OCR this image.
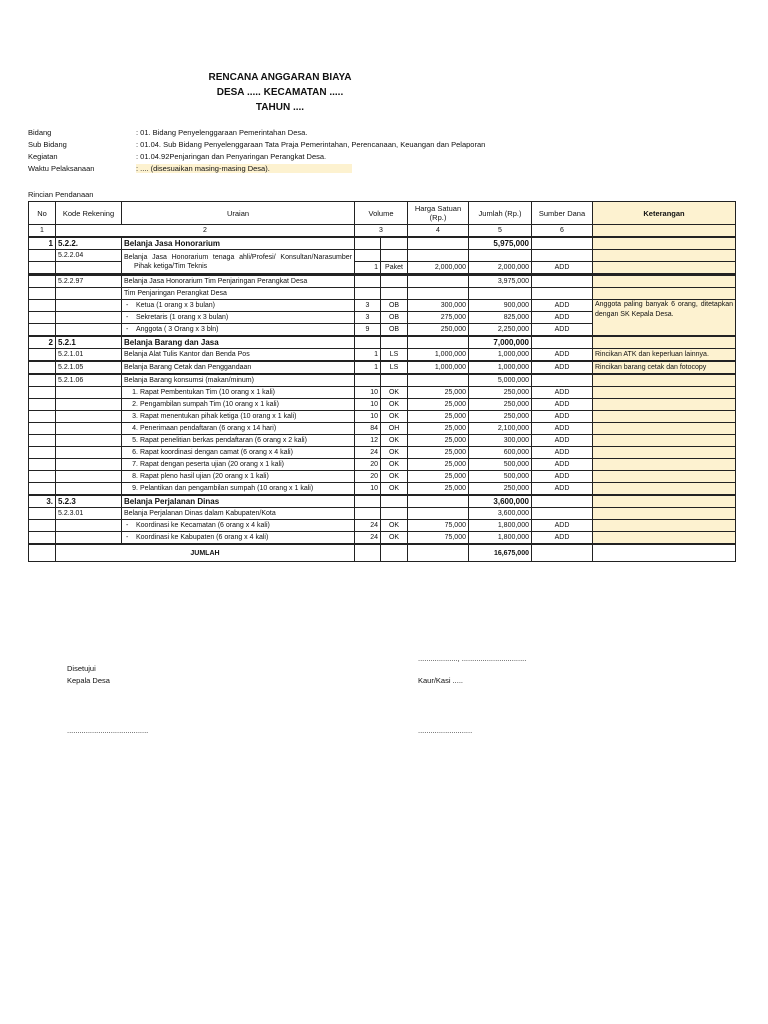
RENCANA ANGGARAN BIAYA
DESA ..... KECAMATAN .....
TAHUN ....
Bidang	: 01. Bidang Penyelenggaraan Pemerintahan Desa.
Sub Bidang	: 01.04. Sub Bidang Penyelenggaraan Tata Praja Pemerintahan, Perencanaan, Keuangan dan Pelaporan
Kegiatan	: 01.04.92Penjaringan dan Penyaringan Perangkat Desa.
Waktu Pelaksanaan	: .... (disesuaikan masing-masing Desa).
Rincian Pendanaan
No	Kode Rekening	Uraian	Volume		Harga Satuan (Rp.)	Jumlah (Rp.)	Sumber Dana	Keterangan
1	2		3		4	5	6	

1	5.2.2.	Belanja Jasa Honorarium				5,975,000		
	5.2.2.04	Belanja Jasa Honorarium tenaga ahli/Profesi/ Konsultan/Narasumber
Pihak ketiga/Tim Teknis						

			1	Paket	2,000,000	2,000,000	ADD	

	5.2.2.97	Belanja Jasa Honorarium Tim Penjaringan Perangkat Desa				3,975,000		
		Tim Penjaringan Perangkat Desa						
		- Ketua (1 orang x 3 bulan)	3	OB	300,000	900,000	ADD	Anggota paling banyak 6 orang, ditetapkan dengan SK Kepala Desa.
		- Sekretaris (1 orang x 3 bulan)	3	OB	275,000	825,000	ADD	
		- Anggota ( 3 Orang x 3 bln)	9	OB	250,000	2,250,000	ADD	

2	5.2.1	Belanja Barang dan Jasa				7,000,000		
	5.2.1.01	Belanja Alat Tulis Kantor dan Benda Pos	1	LS	1,000,000	1,000,000	ADD	Rincikan ATK dan keperluan lainnya.

	5.2.1.05	Belanja Barang Cetak dan Penggandaan	1	LS	1,000,000	1,000,000	ADD	Rincikan barang cetak dan fotocopy

	5.2.1.06	Belanja Barang konsumsi (makan/minum)				5,000,000		
		1. Rapat Pembentukan Tim (10 orang x 1 kali)	10	OK	25,000	250,000	ADD	
		2. Pengambilan sumpah Tim (10 orang x 1 kali)	10	OK	25,000	250,000	ADD	
		3. Rapat menentukan pihak ketiga (10 orang x 1 kali)	10	OK	25,000	250,000	ADD	
		4. Penerimaan pendaftaran (6 orang x 14 hari)	84	OH	25,000	2,100,000	ADD	
		5. Rapat penelitian berkas pendaftaran (6 orang x 2 kali)	12	OK	25,000	300,000	ADD	
		6. Rapat koordinasi dengan camat (6 orang x 4 kali)	24	OK	25,000	600,000	ADD	
		7. Rapat dengan peserta ujian (20 orang x 1 kali)	20	OK	25,000	500,000	ADD	
		8. Rapat pleno hasil ujian (20 orang x 1 kali)	20	OK	25,000	500,000	ADD	
		9. Pelantikan dan pengambilan sumpah (10 orang x 1 kali)	10	OK	25,000	250,000	ADD	

3.	5.2.3	Belanja Perjalanan Dinas				3,600,000		
	5.2.3.01	Belanja Perjalanan Dinas dalam Kabupaten/Kota				3,600,000		
		- Koordinasi ke Kecamatan (6 orang x 4 kali)	24	OK	75,000	1,800,000	ADD	
		- Koordinasi ke Kabupaten (6 orang x 4 kali)	24	OK	75,000	1,800,000	ADD	

	JUMLAH					16,675,000		
..................., ...............................
Disetujui
Kepala Desa	Kaur/Kasi .....
.......................................	..........................
